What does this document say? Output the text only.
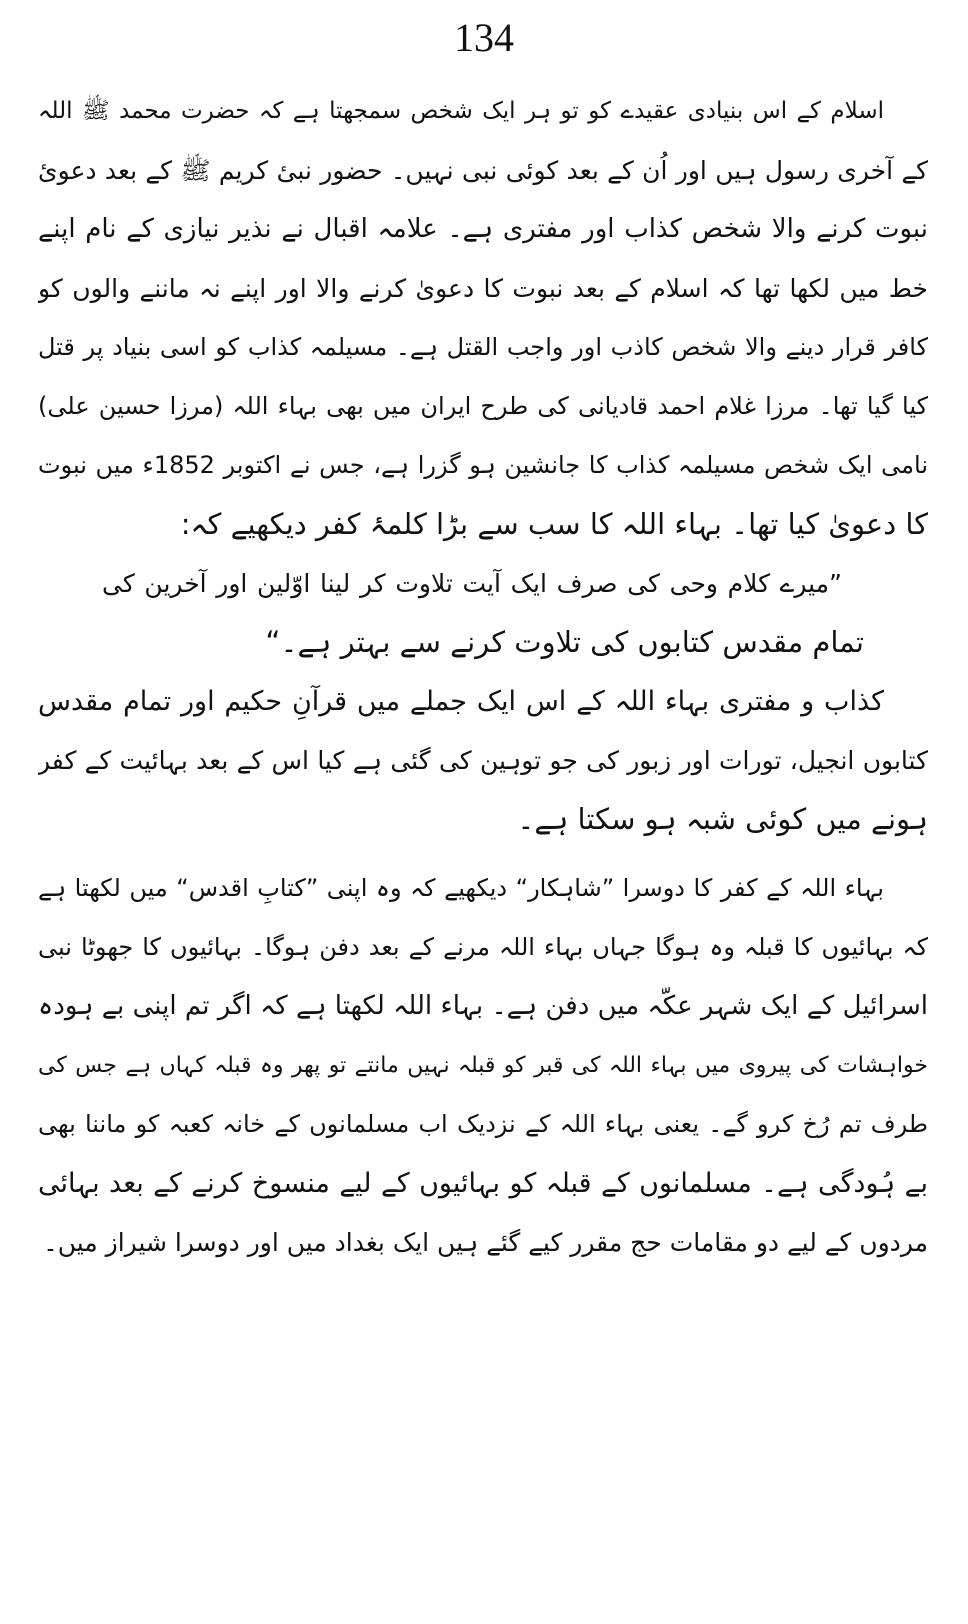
134
اسلام کے اس بنیادی عقیدے کو تو ہر ایک شخص سمجھتا ہے کہ حضرت محمد ﷺ اللہ
کے آخری رسول ہیں اور اُن کے بعد کوئی نبی نہیں۔ حضور نبیٔ کریم ﷺ کے بعد دعویٔ
نبوت کرنے والا شخص کذاب اور مفتری ہے۔ علامہ اقبال نے نذیر نیازی کے نام اپنے
خط میں لکھا تھا کہ اسلام کے بعد نبوت کا دعویٰ کرنے والا اور اپنے نہ ماننے والوں کو
کافر قرار دینے والا شخص کاذب اور واجب القتل ہے۔ مسیلمہ کذاب کو اسی بنیاد پر قتل
کیا گیا تھا۔ مرزا غلام احمد قادیانی کی طرح ایران میں بھی بہاء اللہ (مرزا حسین علی)
نامی ایک شخص مسیلمہ کذاب کا جانشین ہو گزرا ہے، جس نے اکتوبر 1852ء میں نبوت
کا دعویٰ کیا تھا۔ بہاء اللہ کا سب سے بڑا کلمۂ کفر دیکھیے کہ:
”میرے کلام وحی کی صرف ایک آیت تلاوت کر لینا اوّلین اور آخرین کی
تمام مقدس کتابوں کی تلاوت کرنے سے بہتر ہے۔“
کذاب و مفتری بہاء اللہ کے اس ایک جملے میں قرآنِ حکیم اور تمام مقدس
کتابوں انجیل، تورات اور زبور کی جو توہین کی گئی ہے کیا اس کے بعد بہائیت کے کفر
ہونے میں کوئی شبہ ہو سکتا ہے۔
بہاء اللہ کے کفر کا دوسرا ”شاہکار“ دیکھیے کہ وہ اپنی ”کتابِ اقدس“ میں لکھتا ہے
کہ بہائیوں کا قبلہ وہ ہوگا جہاں بہاء اللہ مرنے کے بعد دفن ہوگا۔ بہائیوں کا جھوٹا نبی
اسرائیل کے ایک شہر عکّہ میں دفن ہے۔ بہاء اللہ لکھتا ہے کہ اگر تم اپنی بے ہودہ
خواہشات کی پیروی میں بہاء اللہ کی قبر کو قبلہ نہیں مانتے تو پھر وہ قبلہ کہاں ہے جس کی
طرف تم رُخ کرو گے۔ یعنی بہاء اللہ کے نزدیک اب مسلمانوں کے خانہ کعبہ کو ماننا بھی
بے ہُودگی ہے۔ مسلمانوں کے قبلہ کو بہائیوں کے لیے منسوخ کرنے کے بعد بہائی
مردوں کے لیے دو مقامات حج مقرر کیے گئے ہیں ایک بغداد میں اور دوسرا شیراز میں۔
